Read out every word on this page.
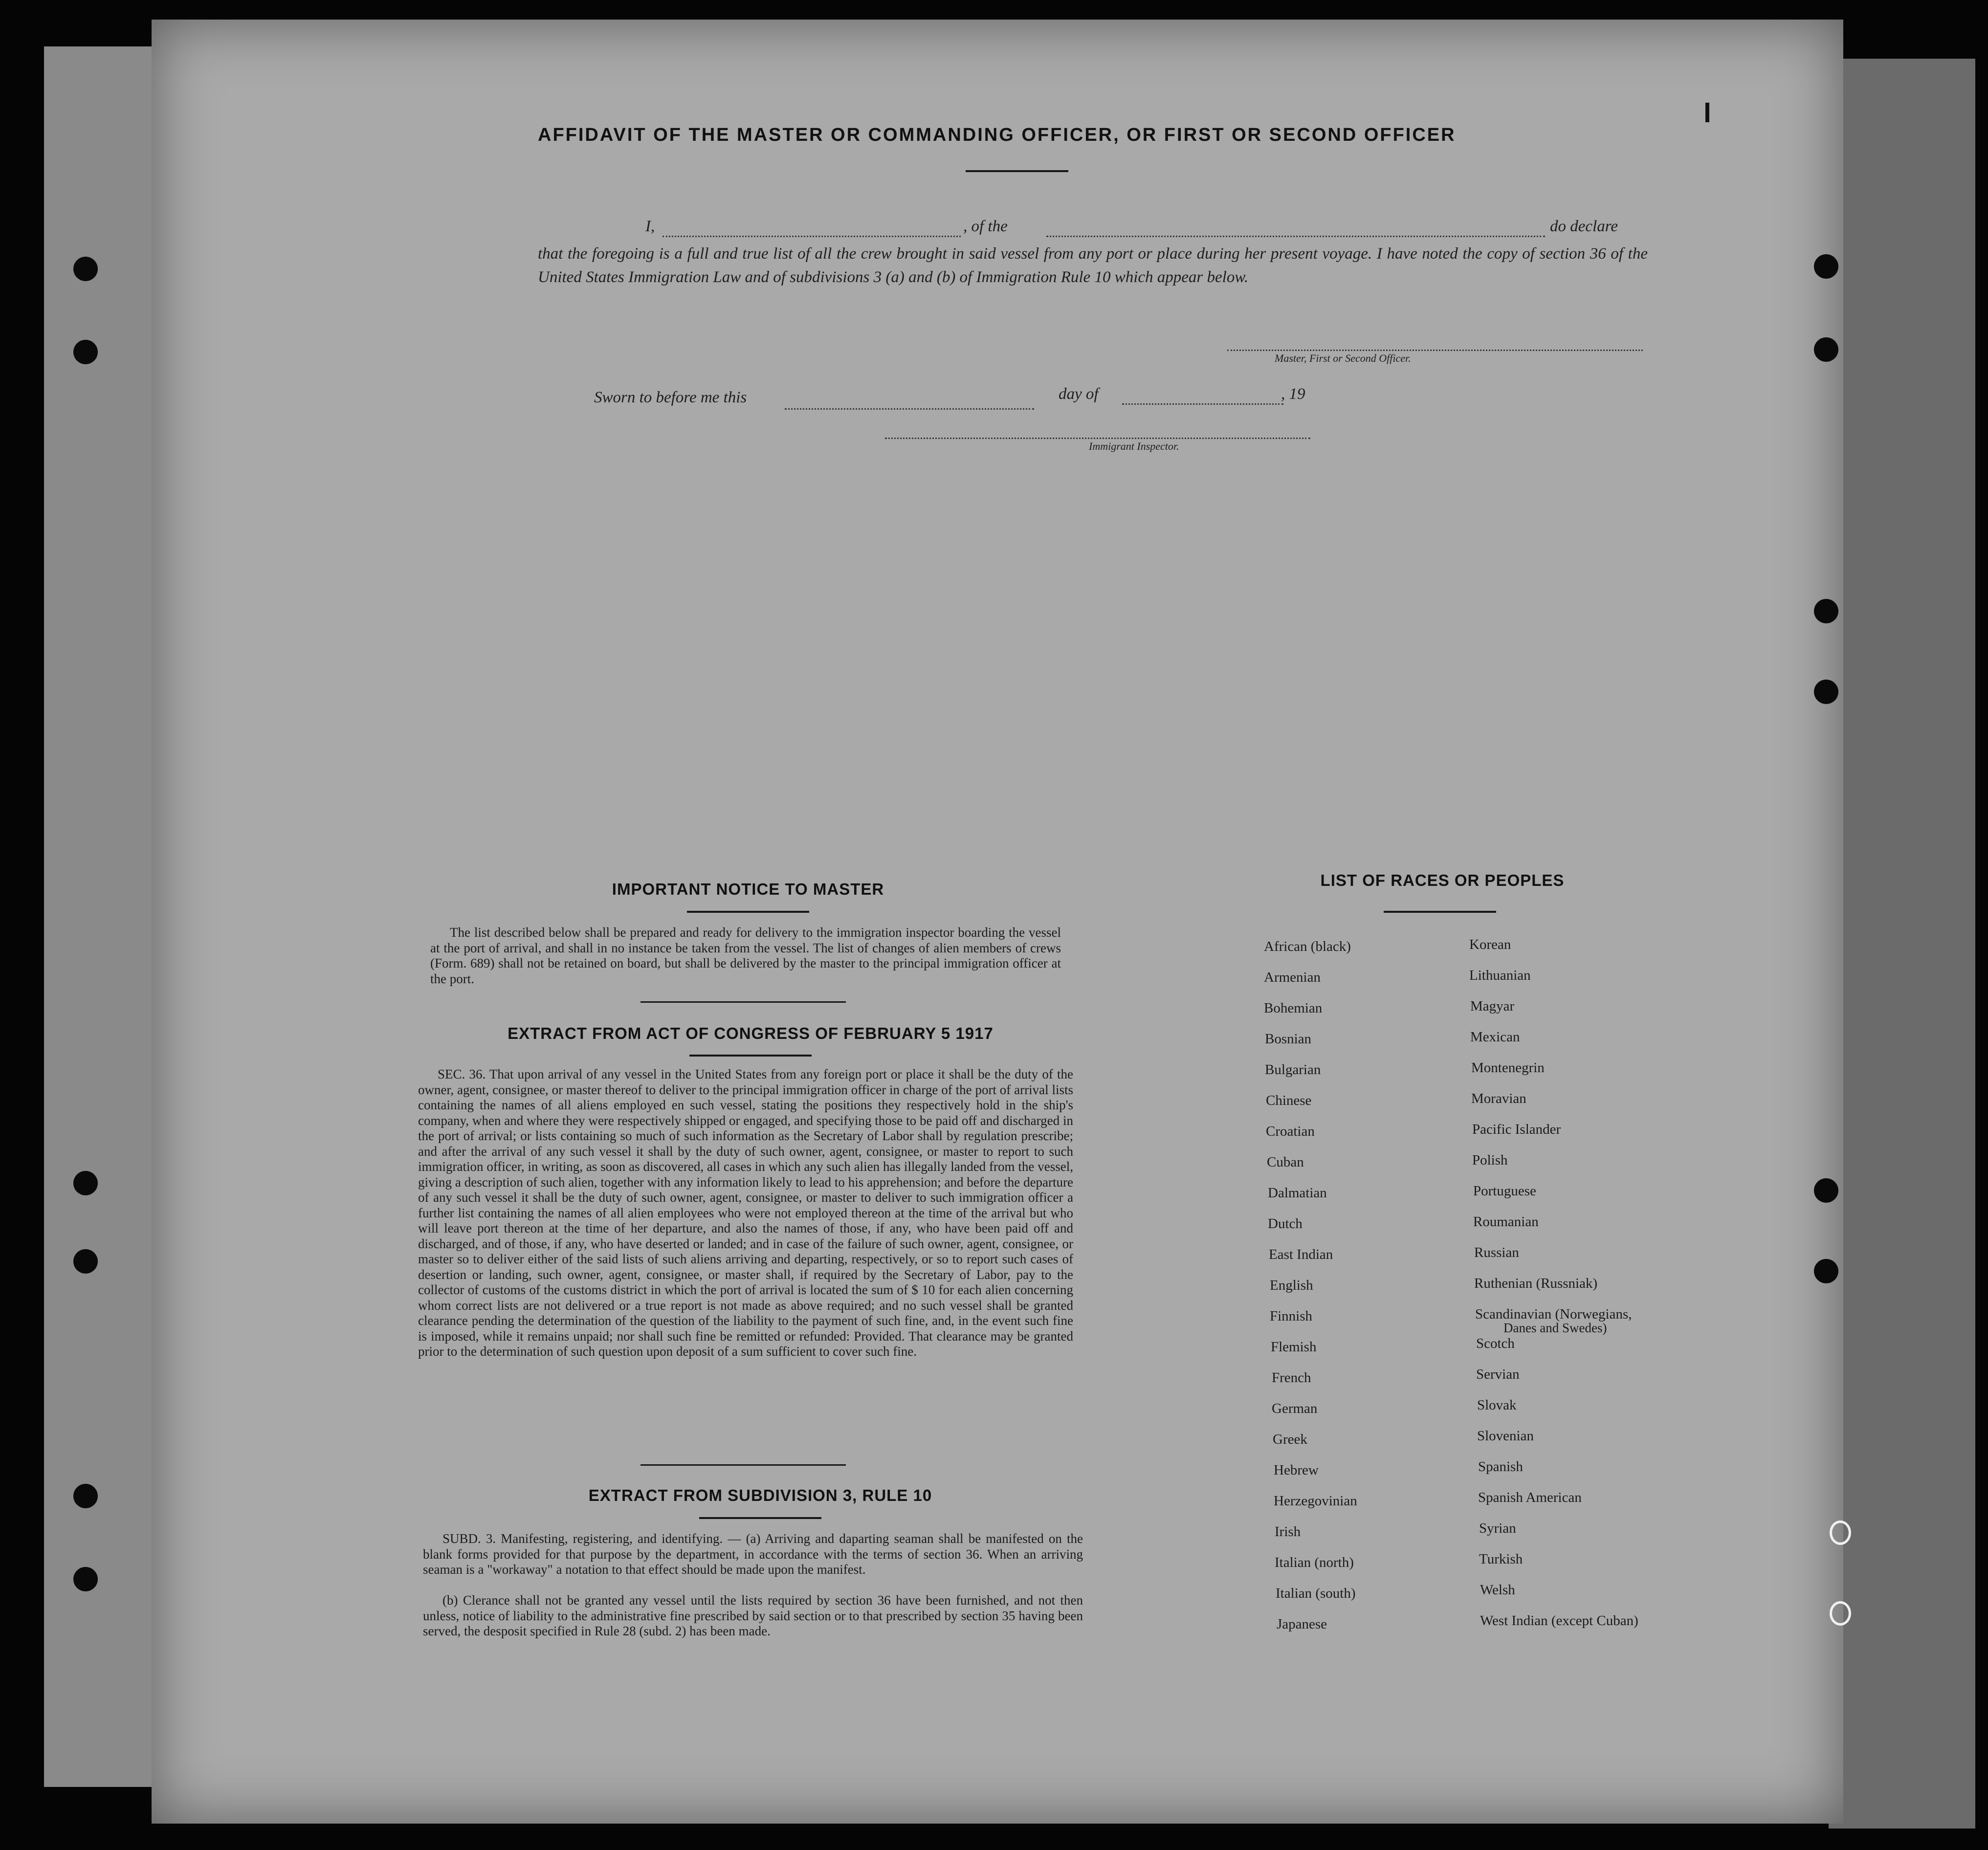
AFFIDAVIT OF THE MASTER OR COMMANDING OFFICER, OR FIRST OR SECOND OFFICER
I,	, of the	do declare
that the foregoing is a full and true list of all the crew brought in said vessel from any port or place during her present voyage. I have noted the copy of section 36 of the United States Immigration Law and of subdivisions 3 (a) and (b) of Immigration Rule 10 which appear below.
Master, First or Second Officer.
Sworn to before me this	day of	, 19
Immigrant Inspector.
IMPORTANT NOTICE TO MASTER
The list described below shall be prepared and ready for delivery to the immigration inspector boarding the vessel at the port of arrival, and shall in no instance be taken from the vessel. The list of changes of alien members of crews (Form. 689) shall not be retained on board, but shall be delivered by the master to the principal immigration officer at the port.
EXTRACT FROM ACT OF CONGRESS OF FEBRUARY 5 1917
SEC. 36. That upon arrival of any vessel in the United States from any foreign port or place it shall be the duty of the owner, agent, consignee, or master thereof to deliver to the principal immigration officer in charge of the port of arrival lists containing the names of all aliens employed en such vessel, stating the positions they respectively hold in the ship's company, when and where they were respectively shipped or engaged, and specifying those to be paid off and discharged in the port of arrival; or lists containing so much of such information as the Secretary of Labor shall by regulation prescribe; and after the arrival of any such vessel it shall by the duty of such owner, agent, consignee, or master to report to such immigration officer, in writing, as soon as discovered, all cases in which any such alien has illegally landed from the vessel, giving a description of such alien, together with any information likely to lead to his apprehension; and before the departure of any such vessel it shall be the duty of such owner, agent, consignee, or master to deliver to such immigration officer a further list containing the names of all alien employees who were not employed thereon at the time of the arrival but who will leave port thereon at the time of her departure, and also the names of those, if any, who have been paid off and discharged, and of those, if any, who have deserted or landed; and in case of the failure of such owner, agent, consignee, or master so to deliver either of the said lists of such aliens arriving and departing, respectively, or so to report such cases of desertion or landing, such owner, agent, consignee, or master shall, if required by the Secretary of Labor, pay to the collector of customs of the customs district in which the port of arrival is located the sum of $ 10 for each alien concerning whom correct lists are not delivered or a true report is not made as above required; and no such vessel shall be granted clearance pending the determination of the question of the liability to the payment of such fine, and, in the event such fine is imposed, while it remains unpaid; nor shall such fine be remitted or refunded: Provided. That clearance may be granted prior to the determination of such question upon deposit of a sum sufficient to cover such fine.
EXTRACT FROM SUBDIVISION 3, RULE 10
SUBD. 3. Manifesting, registering, and identifying. — (a) Arriving and daparting seaman shall be manifested on the blank forms provided for that purpose by the department, in accordance with the terms of section 36. When an arriving seaman is a "workaway" a notation to that effect should be made upon the manifest.
(b) Clerance shall not be granted any vessel until the lists required by section 36 have been furnished, and not then unless, notice of liability to the administrative fine prescribed by said section or to that prescribed by section 35 having been served, the desposit specified in Rule 28 (subd. 2) has been made.
LIST OF RACES OR PEOPLES
African (black)
Armenian
Bohemian
Bosnian
Bulgarian
Chinese
Croatian
Cuban
Dalmatian
Dutch
East Indian
English
Finnish
Flemish
French
German
Greek
Hebrew
Herzegovinian
Irish
Italian (north)
Italian (south)
Japanese
Korean
Lithuanian
Magyar
Mexican
Montenegrin
Moravian
Pacific Islander
Polish
Portuguese
Roumanian
Russian
Ruthenian (Russniak)
Scandinavian (Norwegians,
Danes and Swedes)
Scotch
Servian
Slovak
Slovenian
Spanish
Spanish American
Syrian
Turkish
Welsh
West Indian (except Cuban)
